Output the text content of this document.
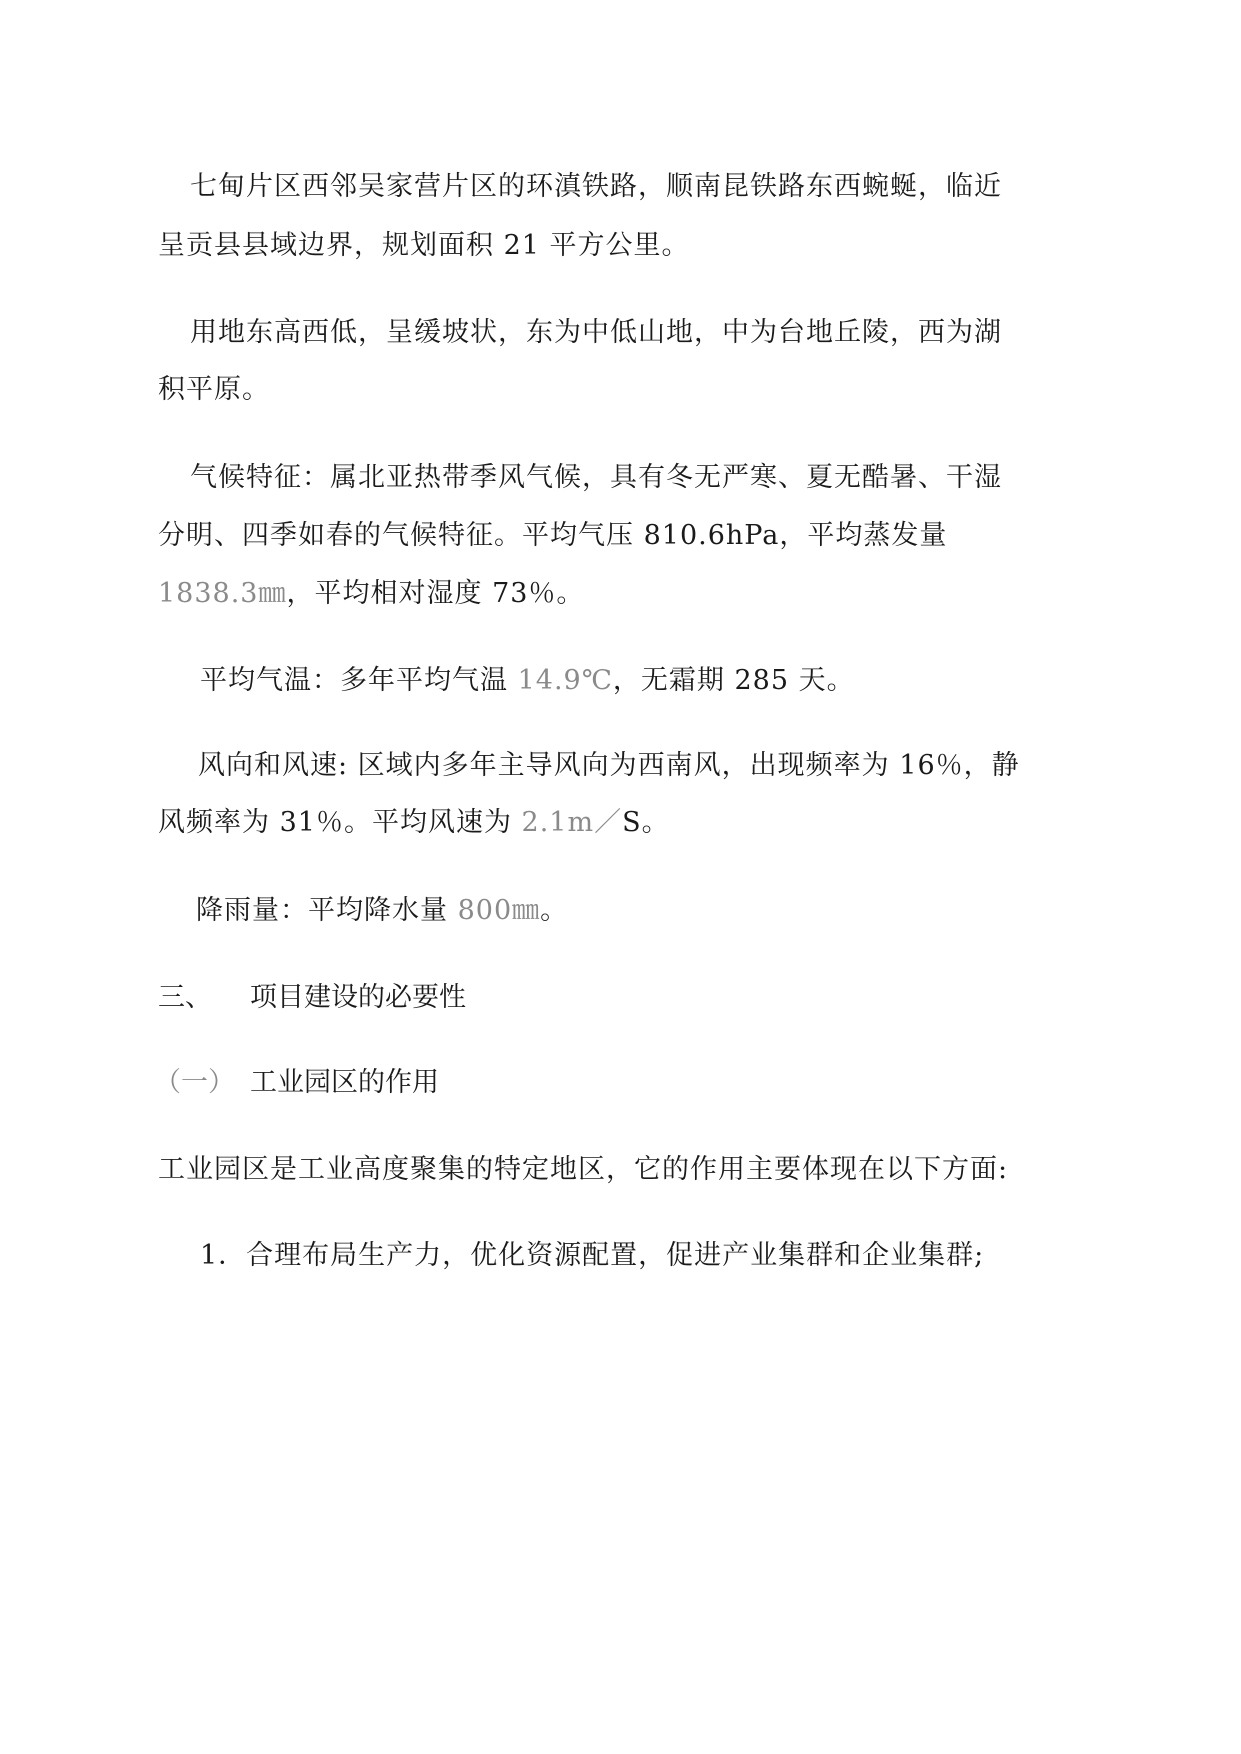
七甸片区西邻吴家营片区的环滇铁路，顺南昆铁路东西蜿蜒，临近
呈贡县县域边界，规划面积 21 平方公里。
用地东高西低，呈缓坡状，东为中低山地，中为台地丘陵，西为湖
积平原。
气候特征：属北亚热带季风气候，具有冬无严寒、夏无酷暑、干湿
分明、四季如春的气候特征。平均气压 810.6hPa，平均蒸发量
1838.3㎜，平均相对湿度 73％。
平均气温：多年平均气温 14.9℃，无霜期 285 天。
风向和风速: 区域内多年主导风向为西南风，出现频率为 16％，静
风频率为 31％。平均风速为 2.1m／S。
降雨量：平均降水量 800㎜。
三、 项目建设的必要性
（一） 工业园区的作用
工业园区是工业高度聚集的特定地区，它的作用主要体现在以下方面:
1．合理布局生产力，优化资源配置，促进产业集群和企业集群;
